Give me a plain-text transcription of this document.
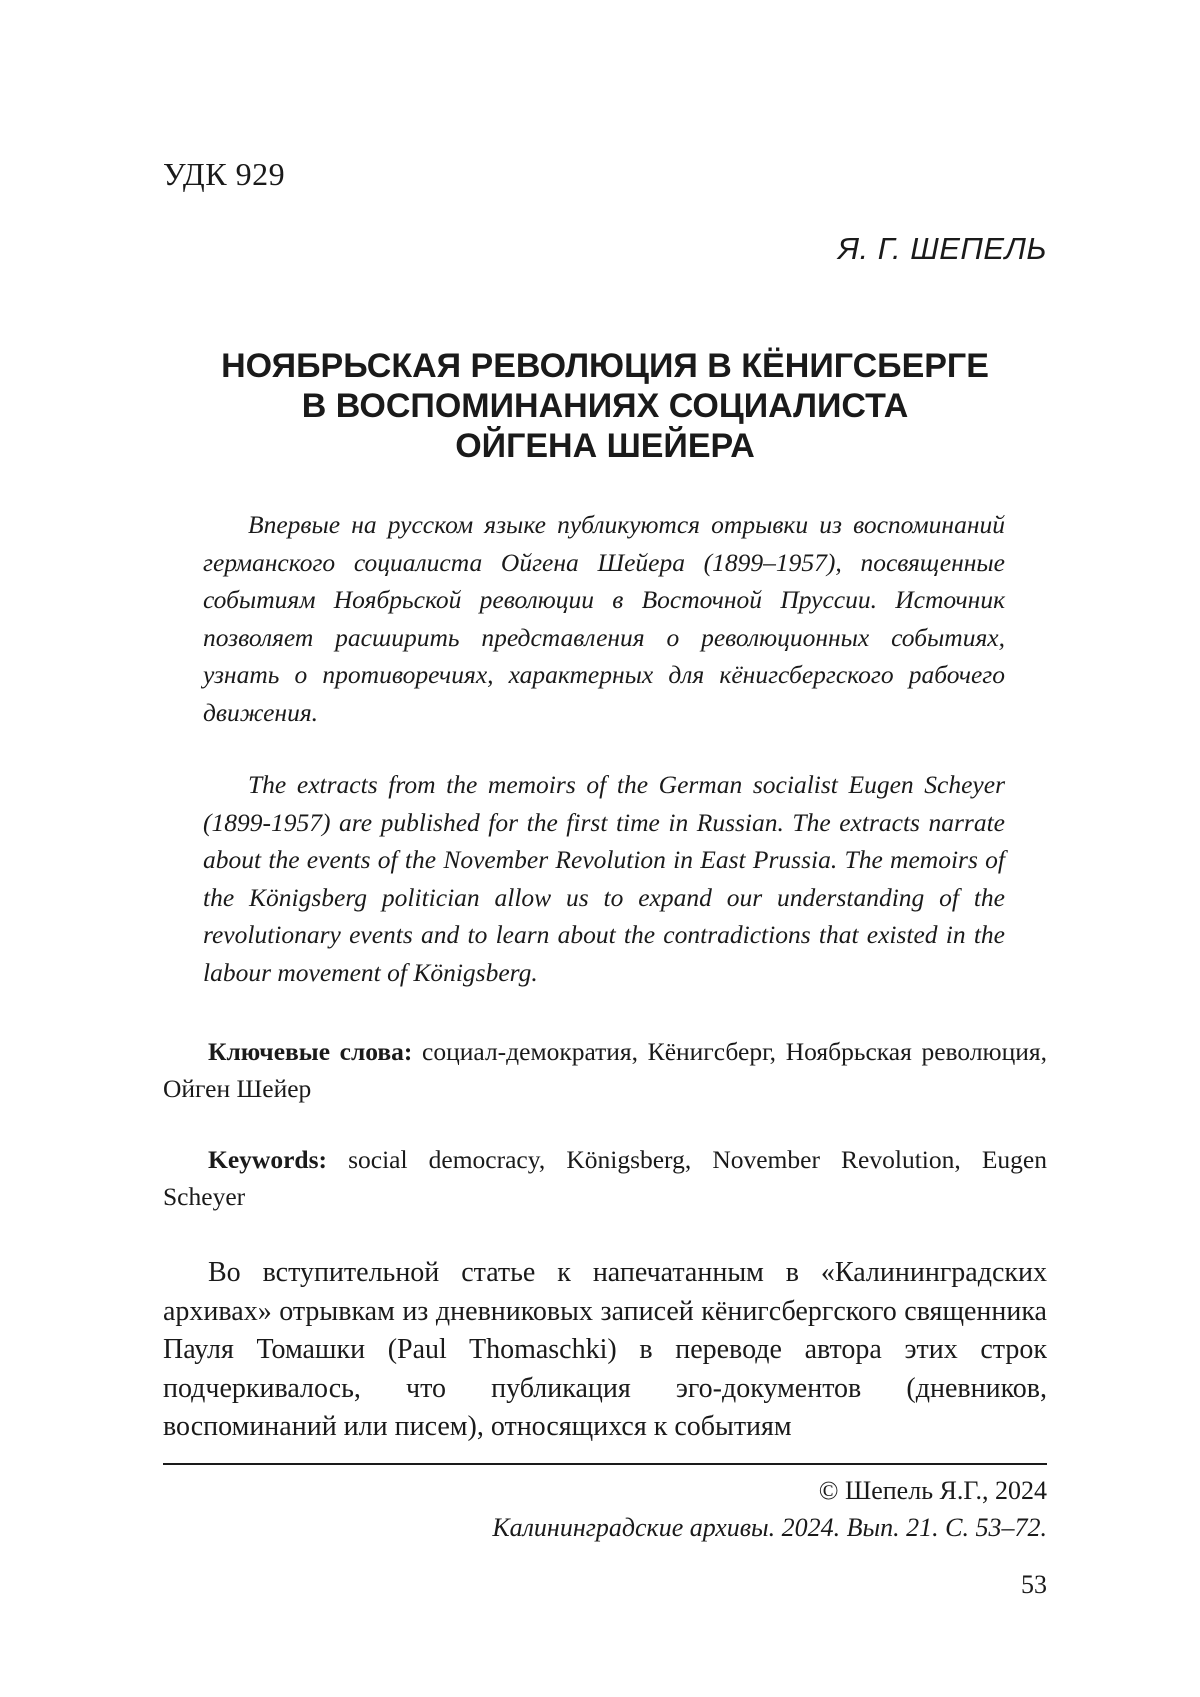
УДК 929
Я. Г. ШЕПЕЛЬ
НОЯБРЬСКАЯ РЕВОЛЮЦИЯ В КЁНИГСБЕРГЕ
В ВОСПОМИНАНИЯХ СОЦИАЛИСТА
ОЙГЕНА ШЕЙЕРА

Впервые на русском языке публикуются отрывки из воспоминаний германского социалиста Ойгена Шейера (1899–1957), посвященные событиям Ноябрьской революции в Восточной Пруссии. Источник позволяет расширить представления о революционных событиях, узнать о противоречиях, характерных для кёнигсбергского рабочего движения.

The extracts from the memoirs of the German socialist Eugen Scheyer (1899-1957) are published for the first time in Russian. The extracts narrate about the events of the November Revolution in East Prussia. The memoirs of the Königsberg politician allow us to expand our understanding of the revolutionary events and to learn about the contradictions that existed in the labour movement of Königsberg.

Ключевые слова: социал-демократия, Кёнигсберг, Ноябрьская революция, Ойген Шейер

Keywords: social democracy, Königsberg, November Revolution, Eugen Scheyer

Во вступительной статье к напечатанным в «Калининградских архивах» отрывкам из дневниковых записей кёнигсбергского священника Пауля Томашки (Paul Thomaschki) в переводе автора этих строк подчеркивалось, что публикация эго-документов (дневников, воспоминаний или писем), относящихся к событиям

© Шепель Я.Г., 2024
Калининградские архивы. 2024. Вып. 21. С. 53–72.
53
